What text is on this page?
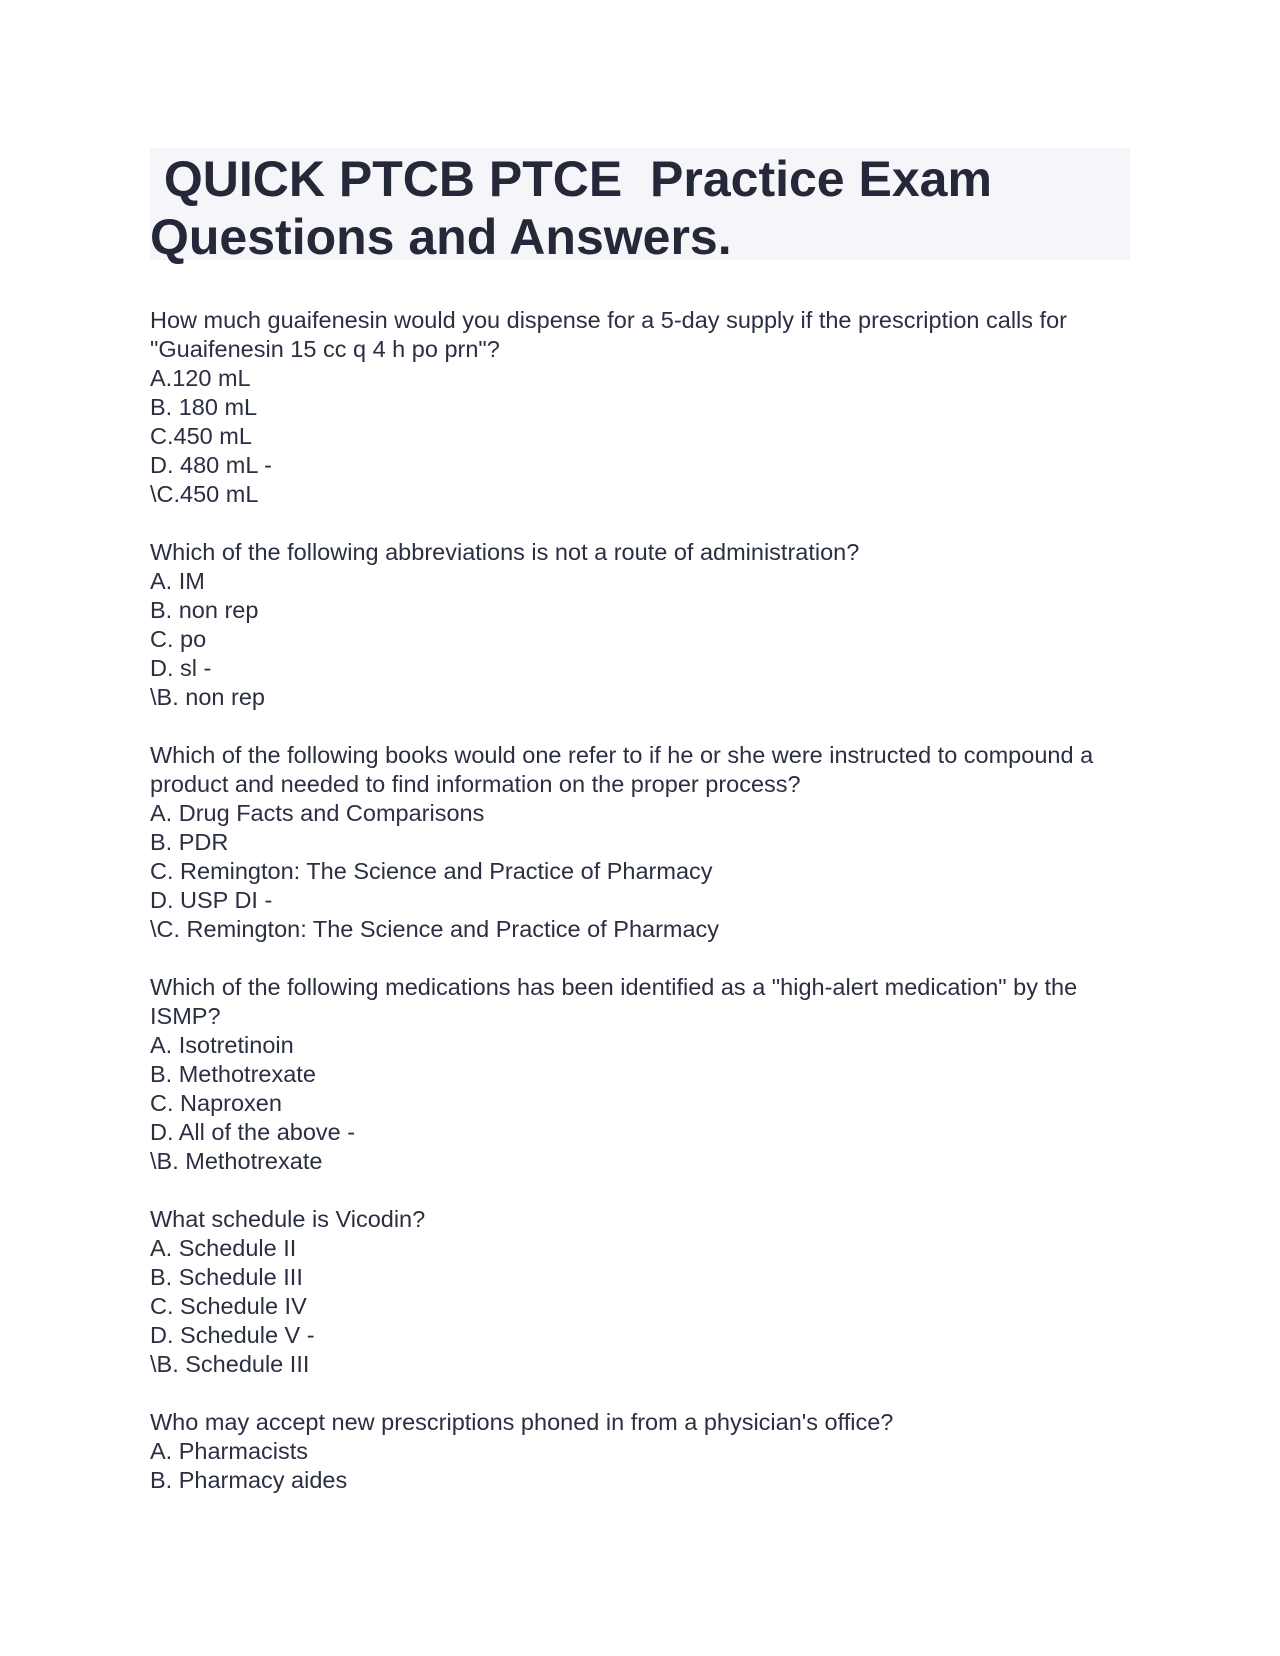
QUICK PTCB PTCE  Practice Exam Questions and Answers.
How much guaifenesin would you dispense for a 5-day supply if the prescription calls for "Guaifenesin 15 cc q 4 h po prn"?
A.120 mL
B. 180 mL
C.450 mL
D. 480 mL -
\C.450 mL
Which of the following abbreviations is not a route of administration?
A. IM
B. non rep
C. po
D. sl -
\B. non rep
Which of the following books would one refer to if he or she were instructed to compound a product and needed to find information on the proper process?
A. Drug Facts and Comparisons
B. PDR
C. Remington: The Science and Practice of Pharmacy
D. USP DI -
\C. Remington: The Science and Practice of Pharmacy
Which of the following medications has been identified as a "high-alert medication" by the ISMP?
A. Isotretinoin
B. Methotrexate
C. Naproxen
D. All of the above -
\B. Methotrexate
What schedule is Vicodin?
A. Schedule II
B. Schedule III
C. Schedule IV
D. Schedule V -
\B. Schedule III
Who may accept new prescriptions phoned in from a physician's office?
A. Pharmacists
B. Pharmacy aides
